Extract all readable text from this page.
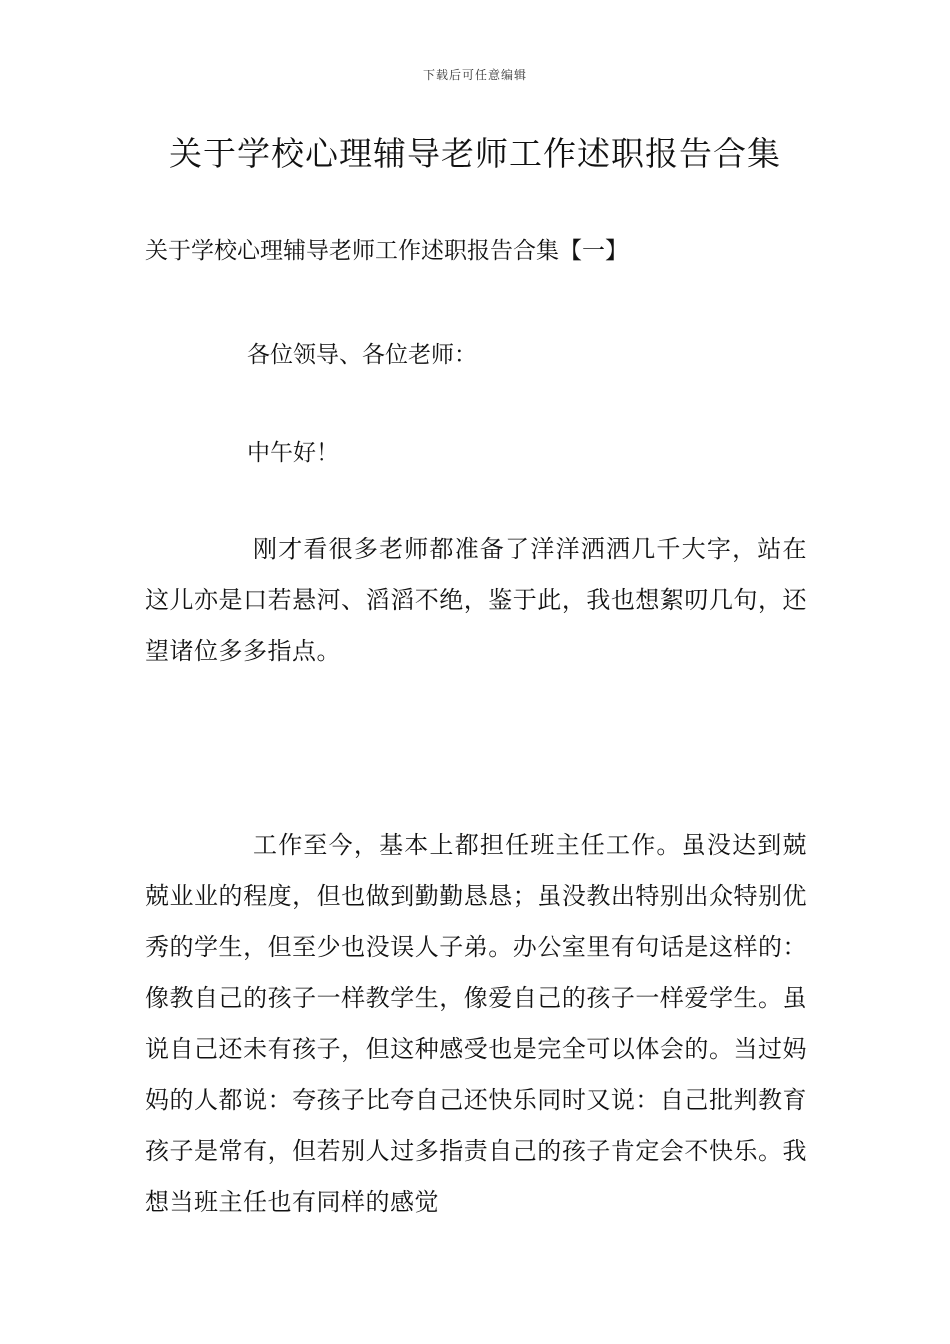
下载后可任意编辑
关于学校心理辅导老师工作述职报告合集
关于学校心理辅导老师工作述职报告合集【一】
各位领导、各位老师：
中午好！

刚才看很多老师都准备了洋洋洒洒几千大字，站在这儿亦是口若悬河、滔滔不绝，鉴于此，我也想絮叨几句，还望诸位多多指点。

工作至今，基本上都担任班主任工作。虽没达到兢兢业业的程度，但也做到勤勤恳恳；虽没教出特别出众特别优秀的学生，但至少也没误人子弟。办公室里有句话是这样的：像教自己的孩子一样教学生，像爱自己的孩子一样爱学生。虽说自己还未有孩子，但这种感受也是完全可以体会的。当过妈妈的人都说：夸孩子比夸自己还快乐同时又说：自己批判教育孩子是常有，但若别人过多指责自己的孩子肯定会不快乐。我想当班主任也有同样的感觉
